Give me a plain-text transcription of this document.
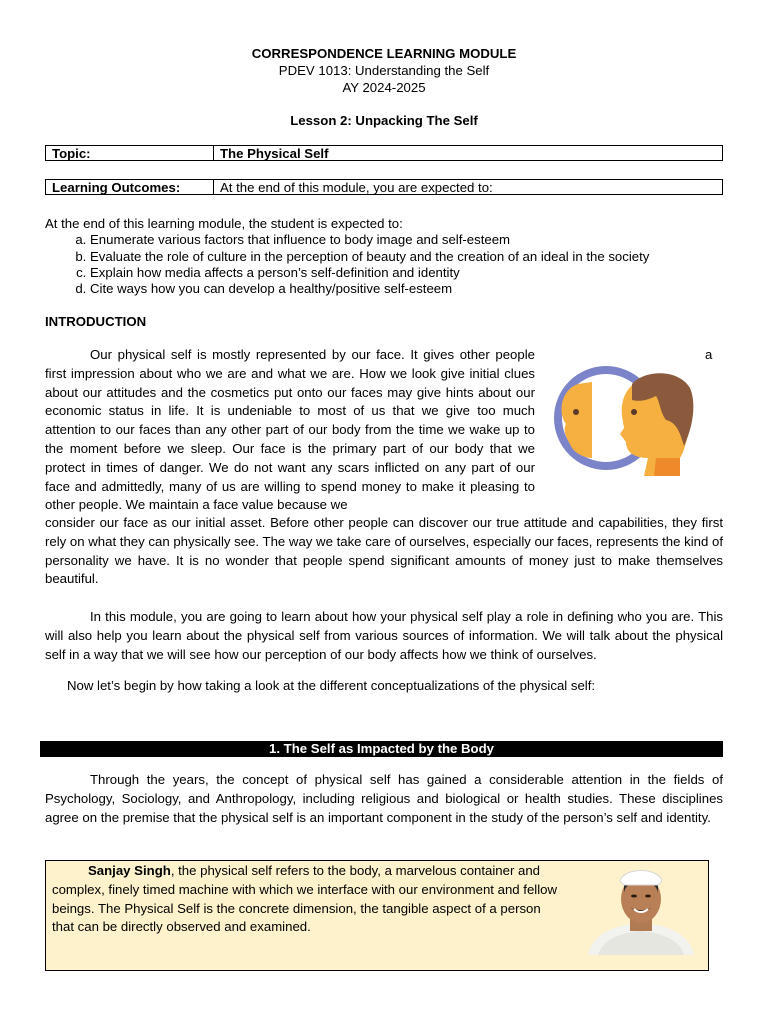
CORRESPONDENCE LEARNING MODULE
PDEV 1013: Understanding the Self
AY 2024-2025
Lesson 2: Unpacking The Self
Topic:	The Physical Self
Learning Outcomes:	At the end of this module, you are expected to:
At the end of this learning module, the student is expected to:
a. Enumerate various factors that influence to body image and self-esteem
b. Evaluate the role of culture in the perception of beauty and the creation of an ideal in the society
c. Explain how media affects a person’s self-definition and identity
d. Cite ways how you can develop a healthy/positive self-esteem
INTRODUCTION
Our physical self is mostly represented by our face. It gives other people first impression about who we are and what we are. How we look give initial clues about our attitudes and the cosmetics put onto our faces may give hints about our economic status in life. It is undeniable to most of us that we give too much attention to our faces than any other part of our body from the time we wake up to the moment before we sleep. Our face is the primary part of our body that we protect in times of danger. We do not want any scars inflicted on any part of our face and admittedly, many of us are willing to spend money to make it pleasing to other people. We maintain a face value because we
a
consider our face as our initial asset. Before other people can discover our true attitude and capabilities, they first rely on what they can physically see. The way we take care of ourselves, especially our faces, represents the kind of personality we have. It is no wonder that people spend significant amounts of money just to make themselves beautiful.
In this module, you are going to learn about how your physical self play a role in defining who you are. This will also help you learn about the physical self from various sources of information. We will talk about the physical self in a way that we will see how our perception of our body affects how we think of ourselves.
Now let’s begin by how taking a look at the different conceptualizations of the physical self:
1. The Self as Impacted by the Body
Through the years, the concept of physical self has gained a considerable attention in the fields of Psychology, Sociology, and Anthropology, including religious and biological or health studies. These disciplines agree on the premise that the physical self is an important component in the study of the person’s self and identity.
Sanjay Singh, the physical self refers to the body, a marvelous container and complex, finely timed machine with which we interface with our environment and fellow beings. The Physical Self is the concrete dimension, the tangible aspect of a person that can be directly observed and examined.
